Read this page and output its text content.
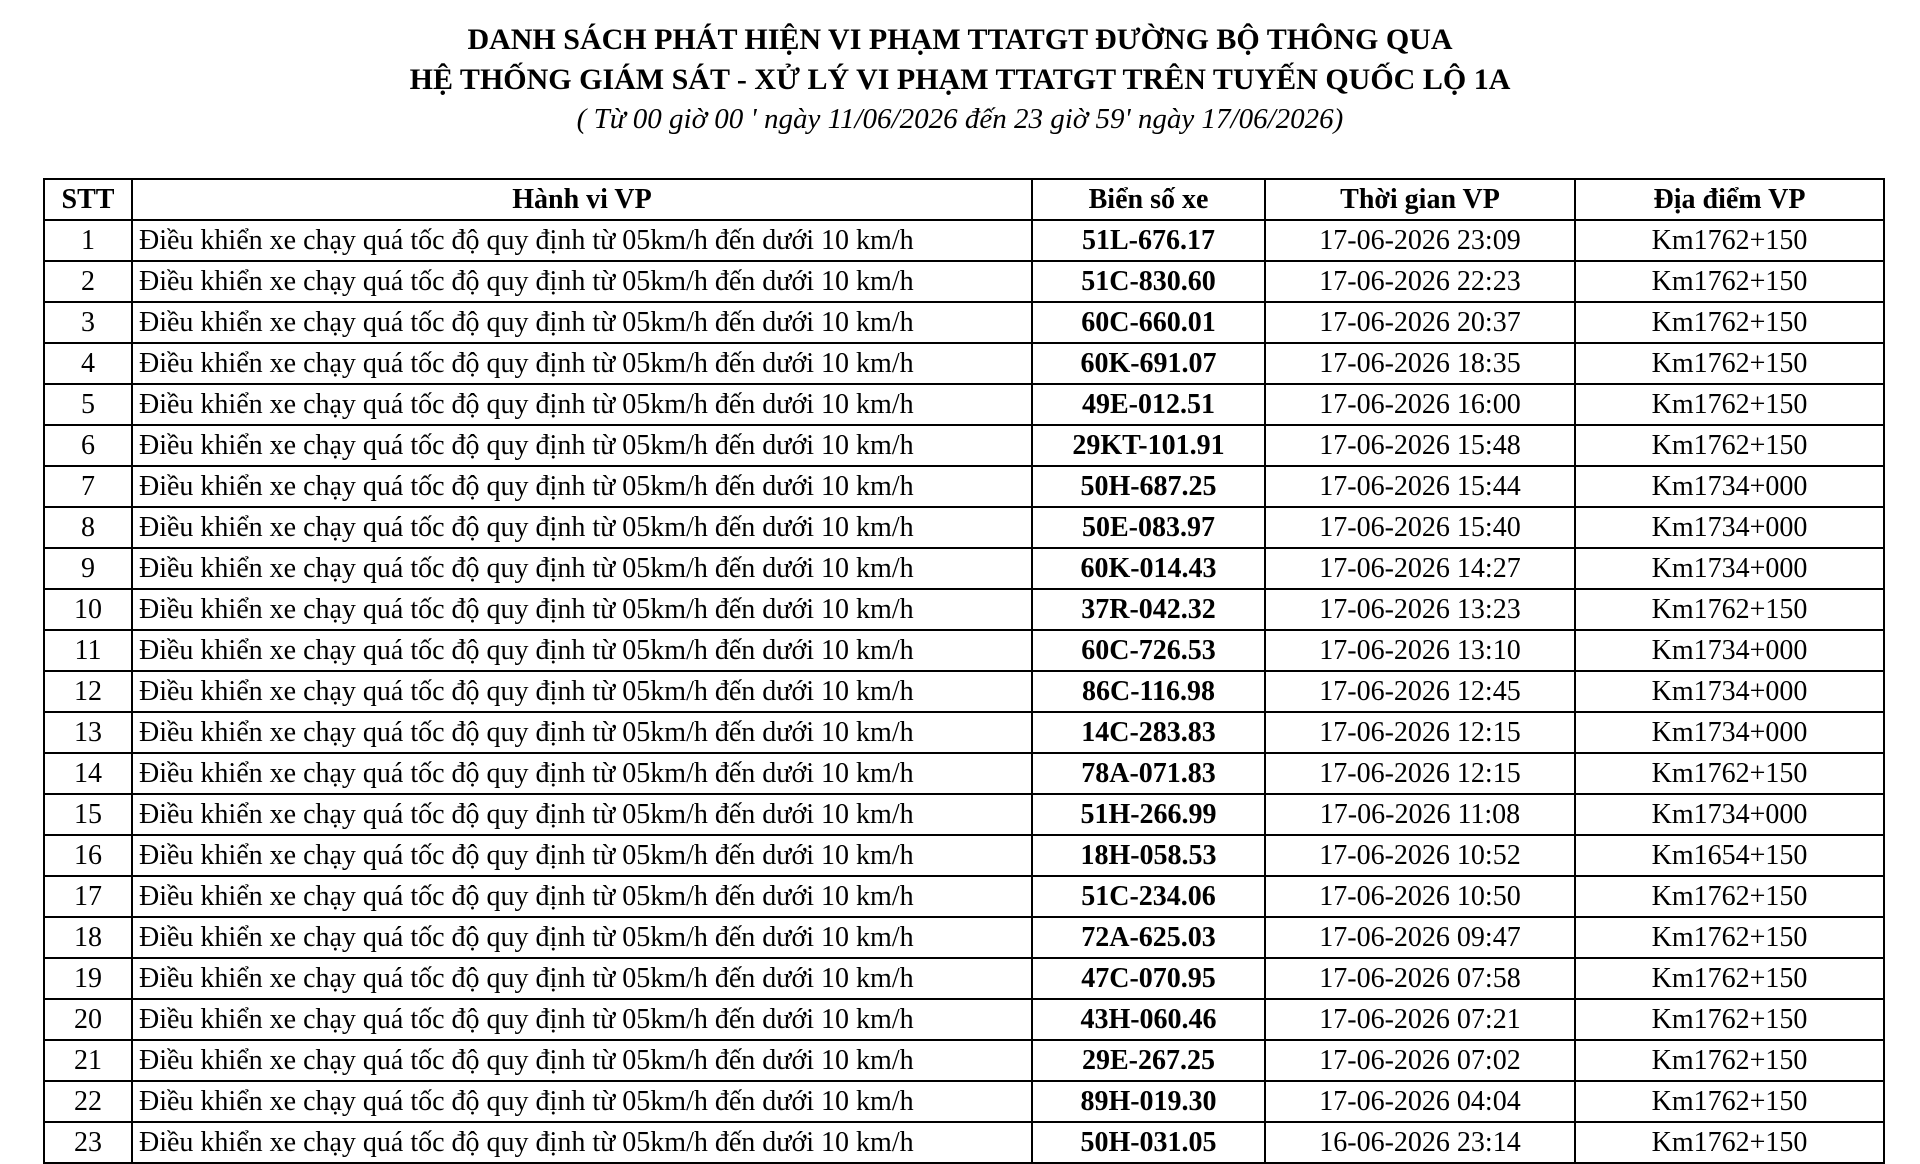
DANH SÁCH PHÁT HIỆN VI PHẠM TTATGT ĐƯỜNG BỘ THÔNG QUA
HỆ THỐNG GIÁM SÁT - XỬ LÝ VI PHẠM TTATGT TRÊN TUYẾN QUỐC LỘ 1A
( Từ 00 giờ 00 ' ngày 11/06/2026 đến 23 giờ 59' ngày 17/06/2026)
STT	Hành vi VP	Biển số xe	Thời gian VP	Địa điểm VP
1	Điều khiển xe chạy quá tốc độ quy định từ 05km/h đến dưới 10 km/h	51L-676.17	17-06-2026 23:09	Km1762+150
2	Điều khiển xe chạy quá tốc độ quy định từ 05km/h đến dưới 10 km/h	51C-830.60	17-06-2026 22:23	Km1762+150
3	Điều khiển xe chạy quá tốc độ quy định từ 05km/h đến dưới 10 km/h	60C-660.01	17-06-2026 20:37	Km1762+150
4	Điều khiển xe chạy quá tốc độ quy định từ 05km/h đến dưới 10 km/h	60K-691.07	17-06-2026 18:35	Km1762+150
5	Điều khiển xe chạy quá tốc độ quy định từ 05km/h đến dưới 10 km/h	49E-012.51	17-06-2026 16:00	Km1762+150
6	Điều khiển xe chạy quá tốc độ quy định từ 05km/h đến dưới 10 km/h	29KT-101.91	17-06-2026 15:48	Km1762+150
7	Điều khiển xe chạy quá tốc độ quy định từ 05km/h đến dưới 10 km/h	50H-687.25	17-06-2026 15:44	Km1734+000
8	Điều khiển xe chạy quá tốc độ quy định từ 05km/h đến dưới 10 km/h	50E-083.97	17-06-2026 15:40	Km1734+000
9	Điều khiển xe chạy quá tốc độ quy định từ 05km/h đến dưới 10 km/h	60K-014.43	17-06-2026 14:27	Km1734+000
10	Điều khiển xe chạy quá tốc độ quy định từ 05km/h đến dưới 10 km/h	37R-042.32	17-06-2026 13:23	Km1762+150
11	Điều khiển xe chạy quá tốc độ quy định từ 05km/h đến dưới 10 km/h	60C-726.53	17-06-2026 13:10	Km1734+000
12	Điều khiển xe chạy quá tốc độ quy định từ 05km/h đến dưới 10 km/h	86C-116.98	17-06-2026 12:45	Km1734+000
13	Điều khiển xe chạy quá tốc độ quy định từ 05km/h đến dưới 10 km/h	14C-283.83	17-06-2026 12:15	Km1734+000
14	Điều khiển xe chạy quá tốc độ quy định từ 05km/h đến dưới 10 km/h	78A-071.83	17-06-2026 12:15	Km1762+150
15	Điều khiển xe chạy quá tốc độ quy định từ 05km/h đến dưới 10 km/h	51H-266.99	17-06-2026 11:08	Km1734+000
16	Điều khiển xe chạy quá tốc độ quy định từ 05km/h đến dưới 10 km/h	18H-058.53	17-06-2026 10:52	Km1654+150
17	Điều khiển xe chạy quá tốc độ quy định từ 05km/h đến dưới 10 km/h	51C-234.06	17-06-2026 10:50	Km1762+150
18	Điều khiển xe chạy quá tốc độ quy định từ 05km/h đến dưới 10 km/h	72A-625.03	17-06-2026 09:47	Km1762+150
19	Điều khiển xe chạy quá tốc độ quy định từ 05km/h đến dưới 10 km/h	47C-070.95	17-06-2026 07:58	Km1762+150
20	Điều khiển xe chạy quá tốc độ quy định từ 05km/h đến dưới 10 km/h	43H-060.46	17-06-2026 07:21	Km1762+150
21	Điều khiển xe chạy quá tốc độ quy định từ 05km/h đến dưới 10 km/h	29E-267.25	17-06-2026 07:02	Km1762+150
22	Điều khiển xe chạy quá tốc độ quy định từ 05km/h đến dưới 10 km/h	89H-019.30	17-06-2026 04:04	Km1762+150
23	Điều khiển xe chạy quá tốc độ quy định từ 05km/h đến dưới 10 km/h	50H-031.05	16-06-2026 23:14	Km1762+150
